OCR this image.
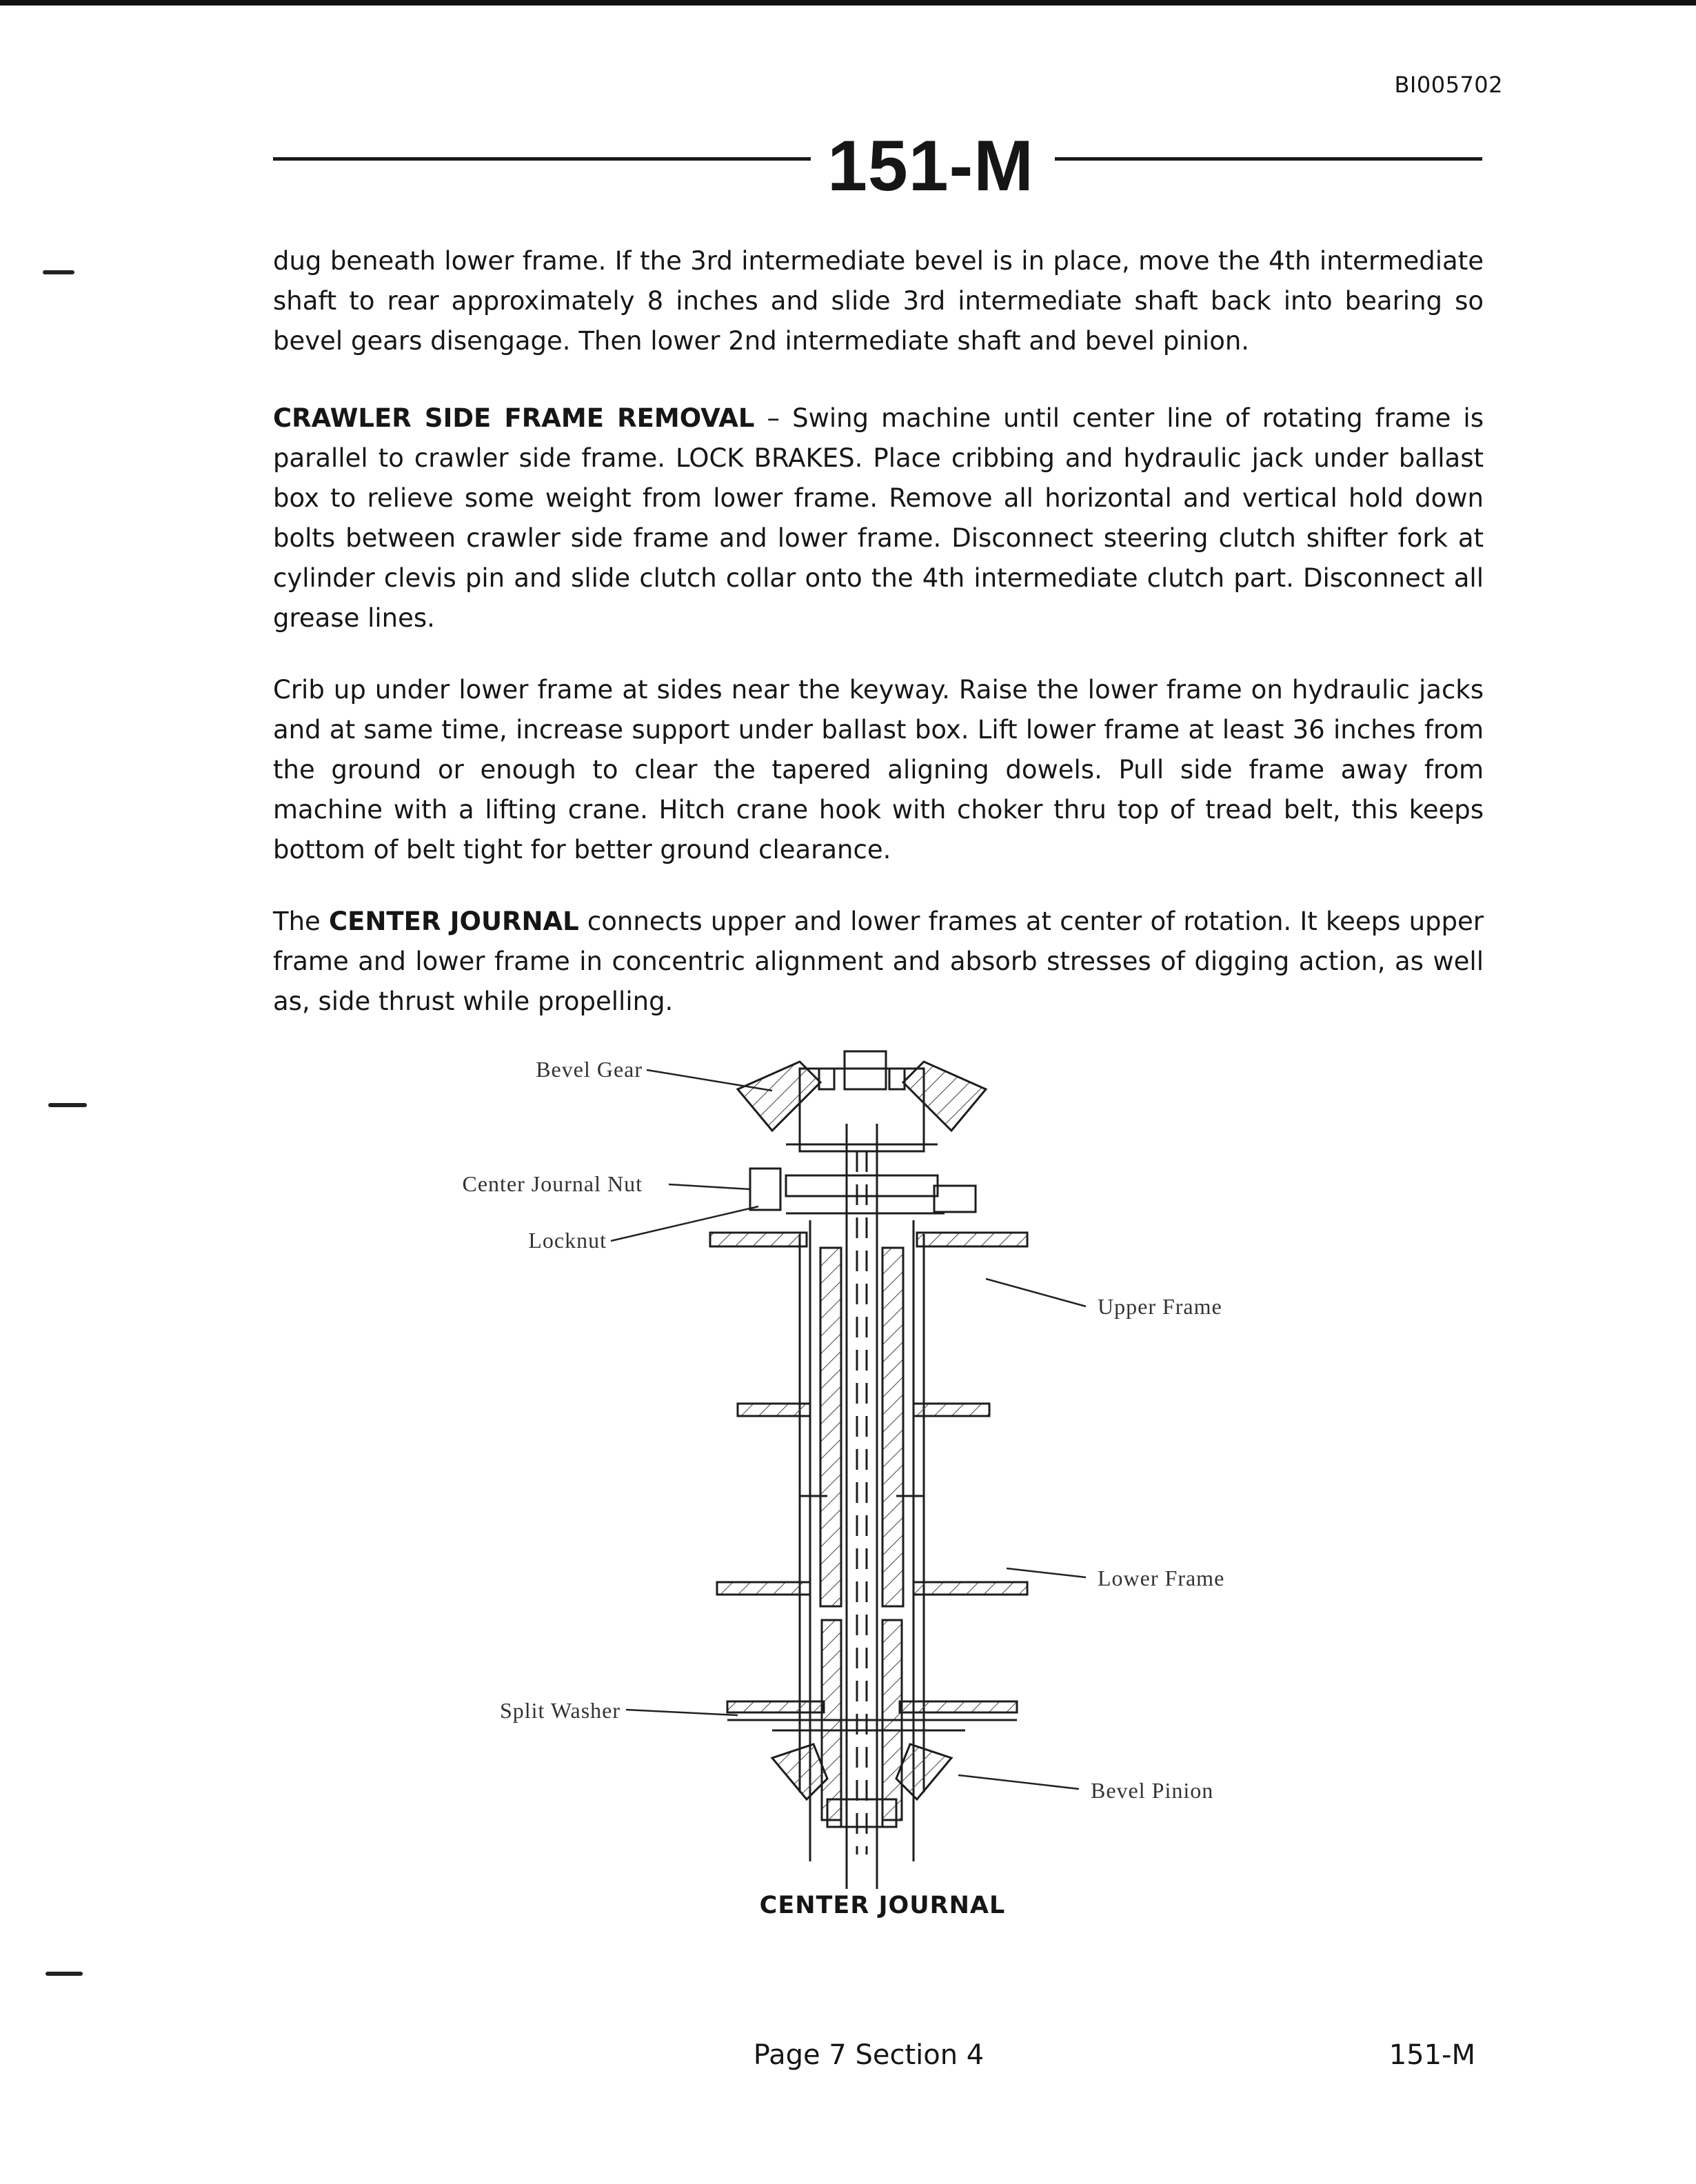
BI005702
151-M

dug beneath lower frame. If the 3rd intermediate bevel is in place, move the 4th intermediate shaft to rear approximately 8 inches and slide 3rd intermediate shaft back into bearing so bevel gears disengage. Then lower 2nd intermediate shaft and bevel pinion.

CRAWLER SIDE FRAME REMOVAL – Swing machine until center line of rotating frame is parallel to crawler side frame. LOCK BRAKES. Place cribbing and hydraulic jack under ballast box to relieve some weight from lower frame. Remove all horizontal and vertical hold down bolts between crawler side frame and lower frame. Disconnect steering clutch shifter fork at cylinder clevis pin and slide clutch collar onto the 4th intermediate clutch part. Disconnect all grease lines.

Crib up under lower frame at sides near the keyway. Raise the lower frame on hydraulic jacks and at same time, increase support under ballast box. Lift lower frame at least 36 inches from the ground or enough to clear the tapered aligning dowels. Pull side frame away from machine with a lifting crane. Hitch crane hook with choker thru top of tread belt, this keeps bottom of belt tight for better ground clearance.

The CENTER JOURNAL connects upper and lower frames at center of rotation. It keeps upper frame and lower frame in concentric alignment and absorb stresses of digging action, as well as, side thrust while propelling.

Bevel Gear
Center Journal Nut
Locknut
Upper Frame
Lower Frame
Split Washer
Bevel Pinion
CENTER JOURNAL
Page 7 Section 4	151-M
